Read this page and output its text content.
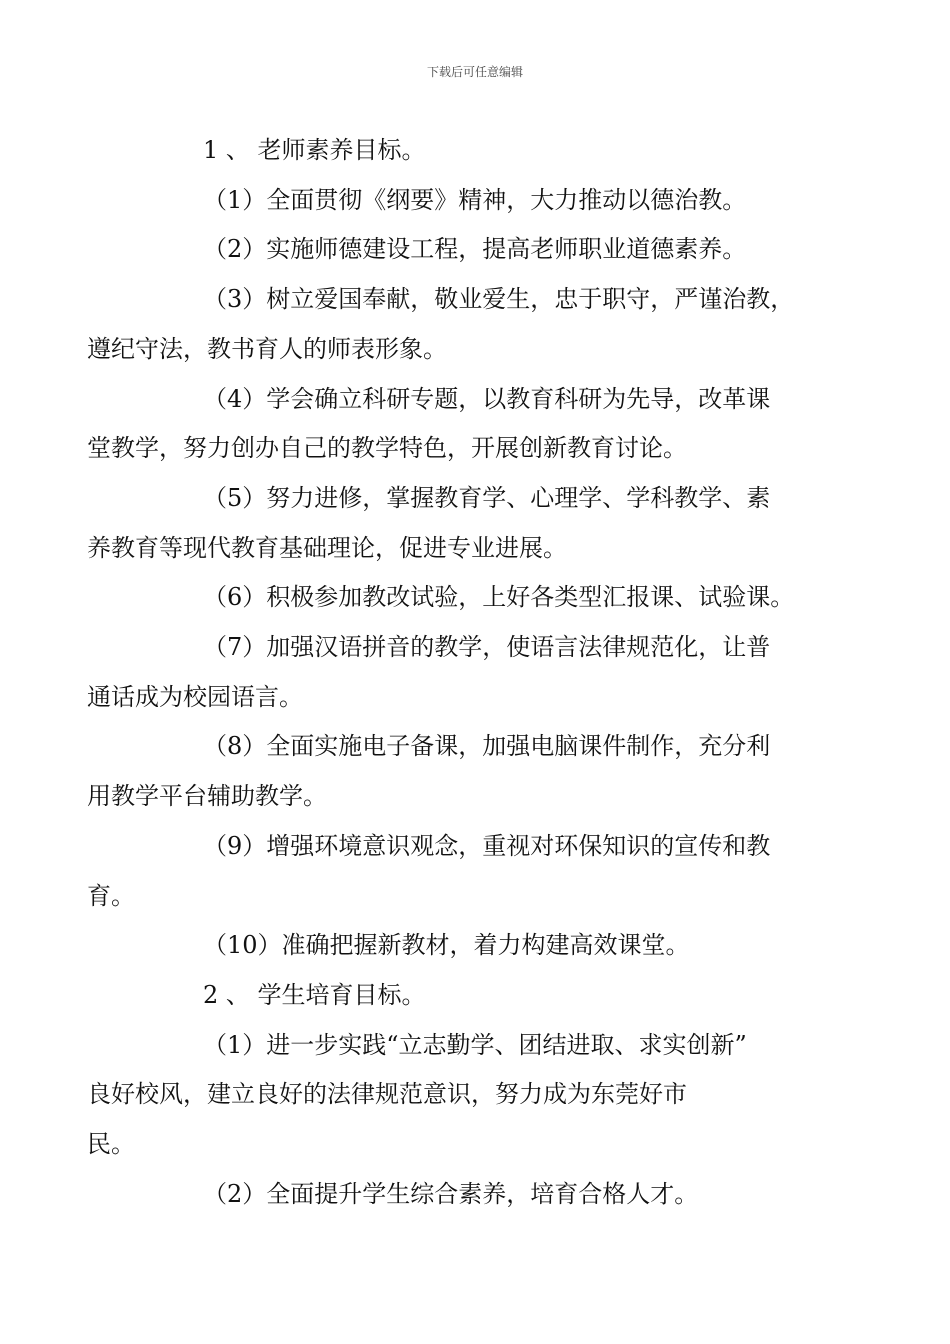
下载后可任意编辑

1 、 老师素养目标。

（1）全面贯彻《纲要》精神，大力推动以德治教。

（2）实施师德建设工程，提高老师职业道德素养。

（3）树立爱国奉献，敬业爱生，忠于职守，严谨治教，
遵纪守法，教书育人的师表形象。

（4）学会确立科研专题，以教育科研为先导，改革课
堂教学，努力创办自己的教学特色，开展创新教育讨论。

（5）努力进修，掌握教育学、心理学、学科教学、素
养教育等现代教育基础理论，促进专业进展。

（6）积极参加教改试验，上好各类型汇报课、试验课。

（7）加强汉语拼音的教学，使语言法律规范化，让普
通话成为校园语言。

（8）全面实施电子备课，加强电脑课件制作，充分利
用教学平台辅助教学。

（9）增强环境意识观念，重视对环保知识的宣传和教
育。

（10）准确把握新教材，着力构建高效课堂。

2 、 学生培育目标。

（1）进一步实践“立志勤学、团结进取、求实创新”
良好校风，建立良好的法律规范意识，努力成为东莞好市
民。

（2）全面提升学生综合素养，培育合格人才。
